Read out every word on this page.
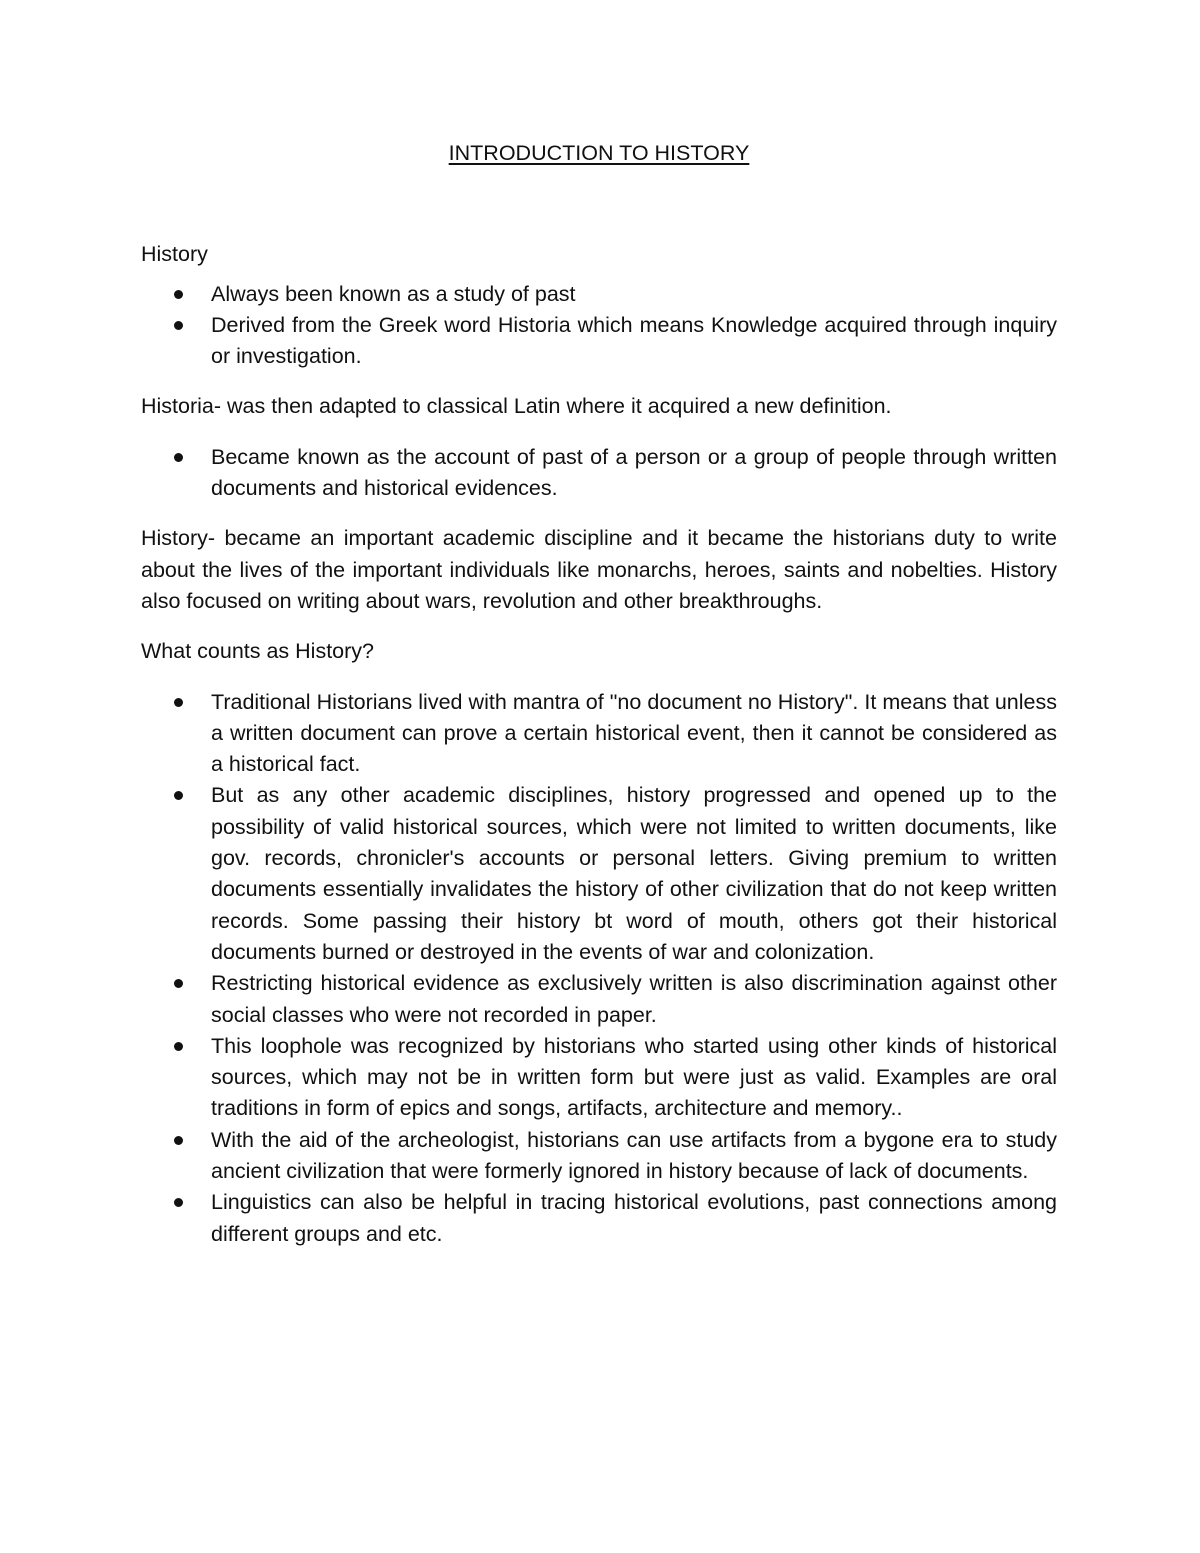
INTRODUCTION TO HISTORY

History

Always been known as a study of past
Derived from the Greek word Historia which means Knowledge acquired through inquiry or investigation.

Historia- was then adapted to classical Latin where it acquired a new definition.

Became known as the account of past of a person or a group of people through written documents and historical evidences.

History- became an important academic discipline and it became the historians duty to write about the lives of the important individuals like monarchs, heroes, saints and nobelties. History also focused on writing about wars, revolution and other breakthroughs.

What counts as History?

Traditional Historians lived with mantra of "no document no History". It means that unless a written document can prove a certain historical event, then it cannot be considered as a historical fact.
But as any other academic disciplines, history progressed and opened up to the possibility of valid historical sources, which were not limited to written documents, like gov. records, chronicler's accounts or personal letters. Giving premium to written documents essentially invalidates the history of other civilization that do not keep written records. Some passing their history bt word of mouth, others got their historical documents burned or destroyed in the events of war and colonization.
Restricting historical evidence as exclusively written is also discrimination against other social classes who were not recorded in paper.
This loophole was recognized by historians who started using other kinds of historical sources, which may not be in written form but were just as valid. Examples are oral traditions in form of epics and songs, artifacts, architecture and memory..
With the aid of the archeologist, historians can use artifacts from a bygone era to study ancient civilization that were formerly ignored in history because of lack of documents.
Linguistics can also be helpful in tracing historical evolutions, past connections among different groups and etc.
